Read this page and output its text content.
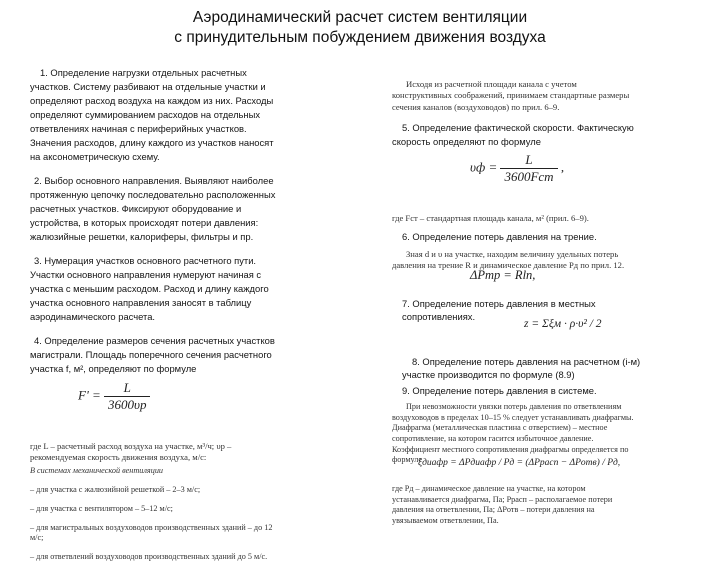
Аэродинамический расчет систем вентиляции
с принудительным побуждением движения воздуха

1. Определение нагрузки отдельных расчетных участков. Систему разбивают на отдельные участки и определяют расход воздуха на каждом из них. Расходы определяют суммированием расходов на отдельных ответвлениях начиная с периферийных участков. Значения расходов, длину каждого из участков наносят на аксонометрическую схему.

2. Выбор основного направления. Выявляют наиболее протяженную цепочку последовательно расположенных расчетных участков. Фиксируют оборудование и устройства, в которых происходят потери давления: жалюзийные решетки, калориферы, фильтры и пр.

3. Нумерация участков основного расчетного пути. Участки основного направления нумеруют начиная с участка с меньшим расходом. Расход и длину каждого участка основного направления заносят в таблицу аэродинамического расчета.

4. Определение размеров сечения расчетных участков магистрали. Площадь поперечного сечения расчетного участка f, м², определяют по формуле

$F' = \frac{L}{3600\upsilon р}$

где L – расчетный расход воздуха на участке, м³/ч; υр – рекомендуемая скорость движения воздуха, м/с:

В системах механической вентиляции

– для участка с жалюзийной решеткой – 2–3 м/с;

– для участка с вентилятором – 5–12 м/с;

– для магистральных воздуховодов производственных зданий – до 12 м/с;

– для ответвлений воздуховодов производственных зданий до 5 м/с.

Исходя из расчетной площади канала с учетом конструктивных соображений, принимаем стандартные размеры сечения каналов (воздуховодов) по прил. 6–9.

5. Определение фактической скорости. Фактическую скорость определяют по формуле

$\upsilon ф = \frac{L}{\text{3600Fст}}$ ,

где Fст – стандартная площадь канала, м² (прил. 6–9).

6. Определение потерь давления на трение.

Зная d и υ на участке, находим величину удельных потерь давления на трение R и динамическое давление Pд по прил. 12.

ΔPтр = Rln,

7. Определение потерь давления в местных сопротивлениях.

z = Σξм · ρ·υ² / 2

8. Определение потерь давления на расчетном (i-м) участке производится по формуле (8.9)

9. Определение потерь давления в системе.

При невозможности увязки потерь давления по ответвлениям воздуховодов в пределах 10–15 % следует устанавливать диафрагмы. Диафрагма (металлическая пластина с отверстием) – местное сопротивление, на котором гасится избыточное давление. Коэффициент местного сопротивления диафрагмы определяется по формуле

ξдиафр = ΔPдиафр / Pд = (ΔPрасп − ΔPотв) / Pд,

где Pд – динамическое давление на участке, на котором устанавливается диафрагма, Па; Pрасп – располагаемое потери давления на ответвлении, Па; ΔPотв – потери давления на увязываемом ответвлении, Па.
